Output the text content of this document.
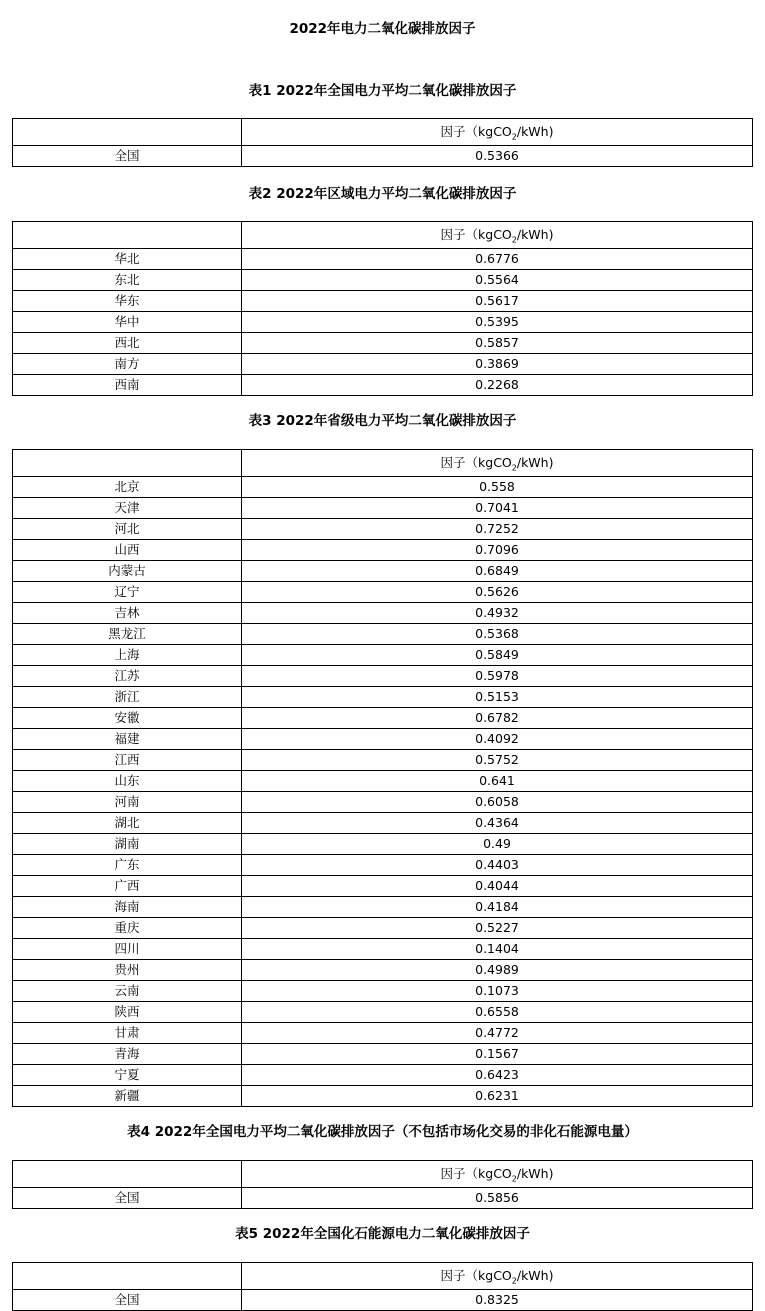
2022年电力二氧化碳排放因子
表1 2022年全国电力平均二氧化碳排放因子
	因子（kgCO$_2$/kWh)
全国	0.5366
表2 2022年区域电力平均二氧化碳排放因子
	因子（kgCO$_2$/kWh)
华北	0.6776
东北	0.5564
华东	0.5617
华中	0.5395
西北	0.5857
南方	0.3869
西南	0.2268
表3 2022年省级电力平均二氧化碳排放因子
	因子（kgCO$_2$/kWh)
北京	0.558
天津	0.7041
河北	0.7252
山西	0.7096
内蒙古	0.6849
辽宁	0.5626
吉林	0.4932
黑龙江	0.5368
上海	0.5849
江苏	0.5978
浙江	0.5153
安徽	0.6782
福建	0.4092
江西	0.5752
山东	0.641
河南	0.6058
湖北	0.4364
湖南	0.49
广东	0.4403
广西	0.4044
海南	0.4184
重庆	0.5227
四川	0.1404
贵州	0.4989
云南	0.1073
陕西	0.6558
甘肃	0.4772
青海	0.1567
宁夏	0.6423
新疆	0.6231
表4 2022年全国电力平均二氧化碳排放因子（不包括市场化交易的非化石能源电量）
	因子（kgCO$_2$/kWh)
全国	0.5856
表5 2022年全国化石能源电力二氧化碳排放因子
	因子（kgCO$_2$/kWh)
全国	0.8325
